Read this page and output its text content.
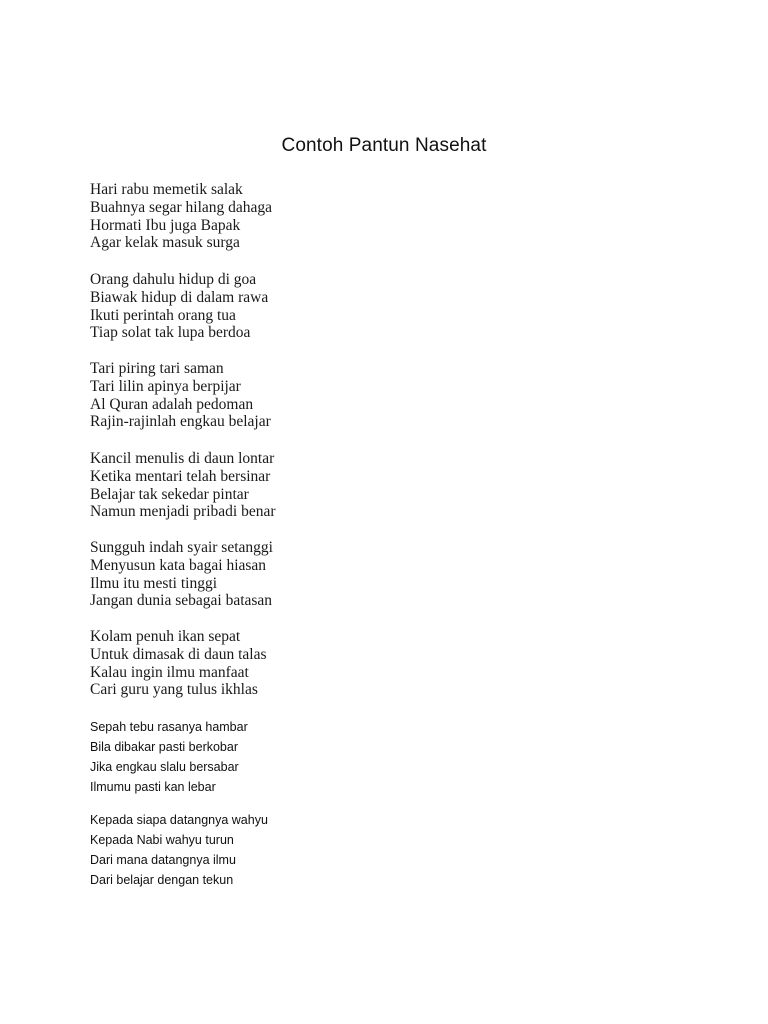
Contoh Pantun Nasehat
Hari rabu memetik salak
Buahnya segar hilang dahaga
Hormati Ibu juga Bapak
Agar kelak masuk surga
Orang dahulu hidup di goa
Biawak hidup di dalam rawa
Ikuti perintah orang tua
Tiap solat tak lupa berdoa
Tari piring tari saman
Tari lilin apinya berpijar
Al Quran adalah pedoman
Rajin-rajinlah engkau belajar
Kancil menulis di daun lontar
Ketika mentari telah bersinar
Belajar tak sekedar pintar
Namun menjadi pribadi benar
Sungguh indah syair setanggi
Menyusun kata bagai hiasan
Ilmu itu mesti tinggi
Jangan dunia sebagai batasan
Kolam penuh ikan sepat
Untuk dimasak di daun talas
Kalau ingin ilmu manfaat
Cari guru yang tulus ikhlas
Sepah tebu rasanya hambar
Bila dibakar pasti berkobar
Jika engkau slalu bersabar
Ilmumu pasti kan lebar
Kepada siapa datangnya wahyu
Kepada Nabi wahyu turun
Dari mana datangnya ilmu
Dari belajar dengan tekun
